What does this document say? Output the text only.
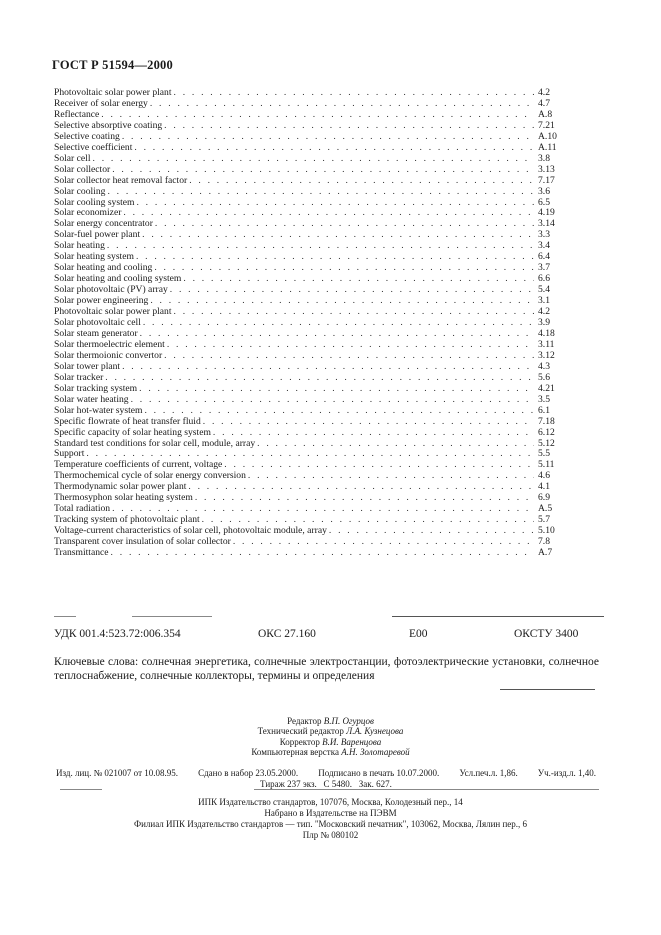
ГОСТ Р 51594—2000
Photovoltaic solar power plant . . .	4.2
Receiver of solar energy . . .	4.7
Reflectance . . .	A.8
Selective absorptive coating . . .	7.21
Selective coating . . .	A.10
Selective coefficient . . .	A.11
Solar cell . . .	3.8
Solar collector . . .	3.13
Solar collector heat removal factor . . .	7.17
Solar cooling . . .	3.6
Solar cooling system . . .	6.5
Solar economizer . . .	4.19
Solar energy concentrator . . .	3.14
Solar-fuel power plant . . .	3.3
Solar heating . . .	3.4
Solar heating system . . .	6.4
Solar heating and cooling . . .	3.7
Solar heating and cooling system . . .	6.6
Solar photovoltaic (PV) array . . .	5.4
Solar power engineering . . .	3.1
Photovoltaic solar power plant . . .	4.2
Solar photovoltaic cell . . .	3.9
Solar steam generator . . .	4.18
Solar thermoelectric element . . .	3.11
Solar thermoionic convertor . . .	3.12
Solar tower plant . . .	4.3
Solar tracker . . .	5.6
Solar tracking system . . .	4.21
Solar water heating . . .	3.5
Solar hot-water system . . .	6.1
Specific flowrate of heat transfer fluid . . .	7.18
Specific capacity of solar heating system . . .	6.12
Standard test conditions for solar cell, module, array . . .	5.12
Support . . .	5.5
Temperature coefficients of current, voltage . . .	5.11
Thermochemical cycle of solar energy conversion . . .	4.6
Thermodynamic solar power plant . . .	4.1
Thermosyphon solar heating system . . .	6.9
Total radiation . . .	A.5
Tracking system of photovoltaic plant . . .	5.7
Voltage-current characteristics of solar cell, photovoltaic module, array . . .	5.10
Transparent cover insulation of solar collector . . .	7.8
Transmittance . . .	A.7
УДК 001.4:523.72:006.354	ОКС 27.160	Е00	ОКСТУ 3400
Ключевые слова: солнечная энергетика, солнечные электростанции, фотоэлектрические установки, солнечное теплоснабжение, солнечные коллекторы, термины и определения
Редактор В.П. Огурцов
Технический редактор Л.А. Кузнецова
Корректор В.И. Варенцова
Компьютерная верстка А.Н. Золотаревой
Изд. лиц. № 021007 от 10.08.95. Сдано в набор 23.05.2000. Подписано в печать 10.07.2000. Усл.печ.л. 1,86. Уч.-изд.л. 1,40.
Тираж 237 экз. С 5480. Зак. 627.
ИПК Издательство стандартов, 107076, Москва, Колодезный пер., 14
Набрано в Издательстве на ПЭВМ
Филиал ИПК Издательство стандартов — тип. "Московский печатник", 103062, Москва, Лялин пер., 6
Плр № 080102
